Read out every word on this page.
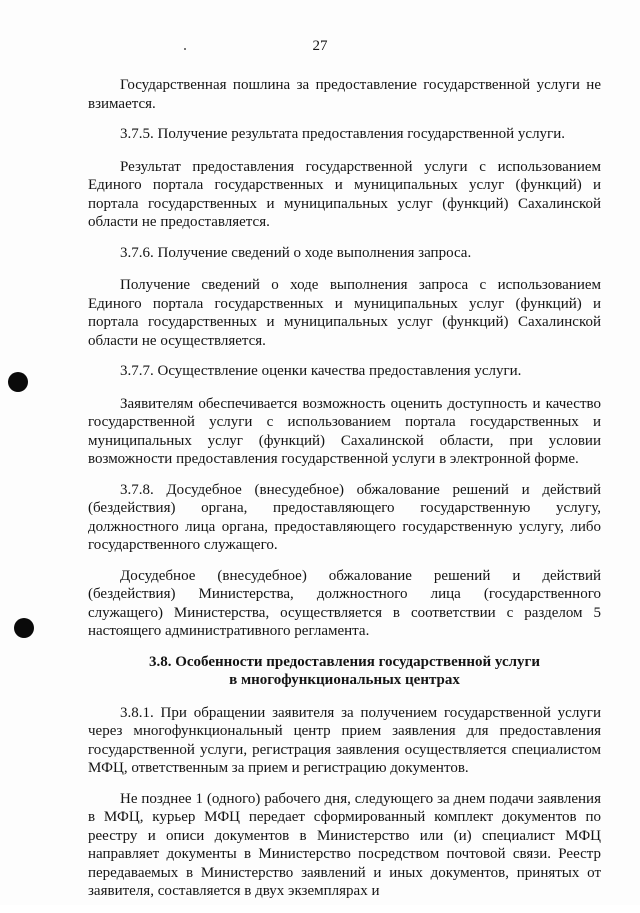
27

Государственная пошлина за предоставление государственной услуги не взимается.

3.7.5. Получение результата предоставления государственной услуги.

Результат предоставления государственной услуги с использованием Единого портала государственных и муниципальных услуг (функций) и портала государственных и муниципальных услуг (функций) Сахалинской области не предоставляется.

3.7.6. Получение сведений о ходе выполнения запроса.

Получение сведений о ходе выполнения запроса с использованием Единого портала государственных и муниципальных услуг (функций) и портала государственных и муниципальных услуг (функций) Сахалинской области не осуществляется.

3.7.7. Осуществление оценки качества предоставления услуги.

Заявителям обеспечивается возможность оценить доступность и качество государственной услуги с использованием портала государственных и муниципальных услуг (функций) Сахалинской области, при условии возможности предоставления государственной услуги в электронной форме.

3.7.8. Досудебное (внесудебное) обжалование решений и действий (бездействия) органа, предоставляющего государственную услугу, должностного лица органа, предоставляющего государственную услугу, либо государственного служащего.

Досудебное (внесудебное) обжалование решений и действий (бездействия) Министерства, должностного лица (государственного служащего) Министерства, осуществляется в соответствии с разделом 5 настоящего административного регламента.

3.8. Особенности предоставления государственной услуги
в многофункциональных центрах

3.8.1. При обращении заявителя за получением государственной услуги через многофункциональный центр прием заявления для предоставления государственной услуги, регистрация заявления осуществляется специалистом МФЦ, ответственным за прием и регистрацию документов.

Не позднее 1 (одного) рабочего дня, следующего за днем подачи заявления в МФЦ, курьер МФЦ передает сформированный комплект документов по реестру и описи документов в Министерство или (и) специалист МФЦ направляет документы в Министерство посредством почтовой связи. Реестр передаваемых в Министерство заявлений и иных документов, принятых от заявителя, составляется в двух экземплярах и
